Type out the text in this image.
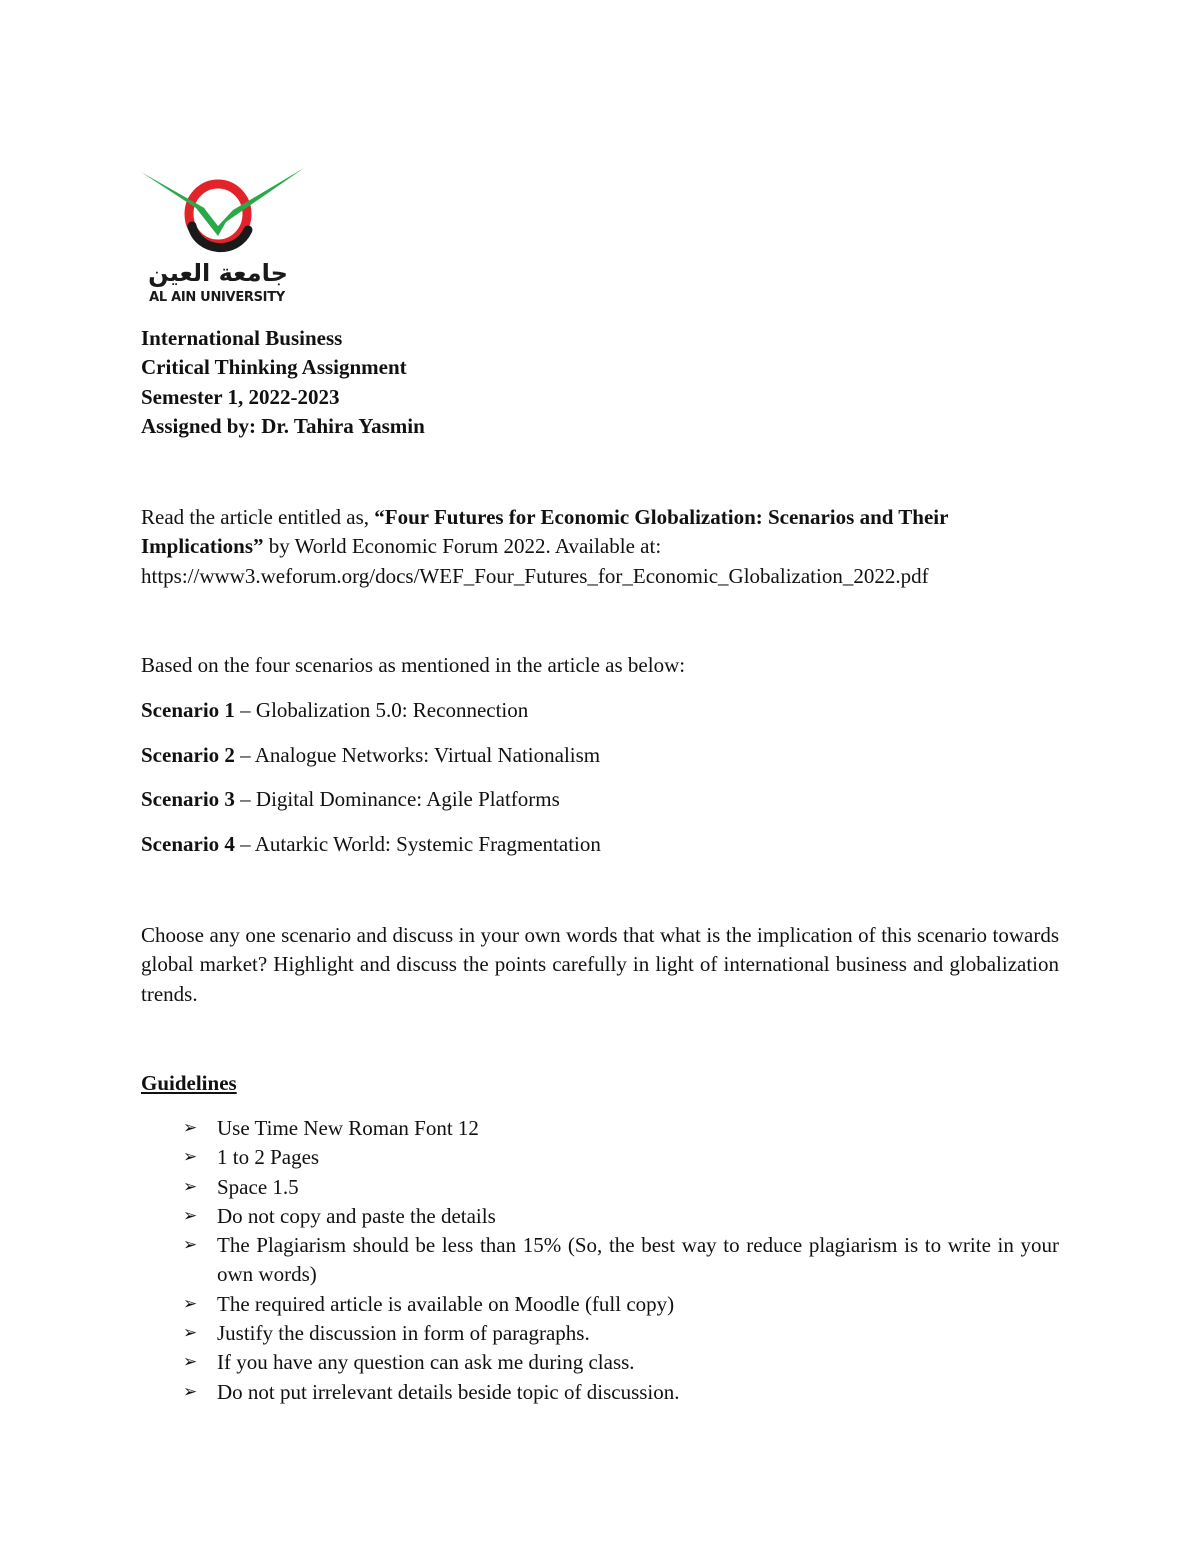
جامعة العين
AL AIN UNIVERSITY
International Business
Critical Thinking Assignment
Semester 1, 2022-2023
Assigned by: Dr. Tahira Yasmin
Read the article entitled as, “Four Futures for Economic Globalization: Scenarios and Their Implications” by World Economic Forum 2022. Available at:
https://www3.weforum.org/docs/WEF_Four_Futures_for_Economic_Globalization_2022.pdf
Based on the four scenarios as mentioned in the article as below:
Scenario 1 – Globalization 5.0: Reconnection
Scenario 2 – Analogue Networks: Virtual Nationalism
Scenario 3 – Digital Dominance: Agile Platforms
Scenario 4 – Autarkic World: Systemic Fragmentation
Choose any one scenario and discuss in your own words that what is the implication of this scenario towards global market? Highlight and discuss the points carefully in light of international business and globalization trends.
Guidelines
➢ Use Time New Roman Font 12
➢ 1 to 2 Pages
➢ Space 1.5
➢ Do not copy and paste the details
➢ The Plagiarism should be less than 15% (So, the best way to reduce plagiarism is to write in your own words)
➢ The required article is available on Moodle (full copy)
➢ Justify the discussion in form of paragraphs.
➢ If you have any question can ask me during class.
➢ Do not put irrelevant details beside topic of discussion.
